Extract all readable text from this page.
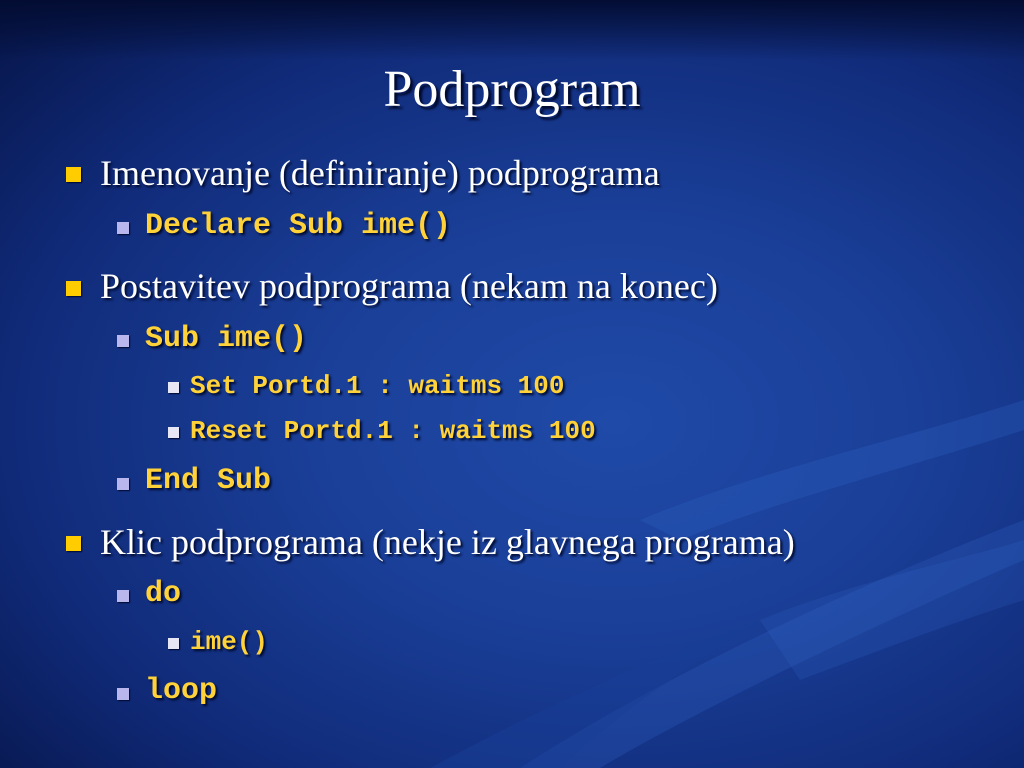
Podprogram
Imenovanje (definiranje) podprograma
Declare Sub ime()
Postavitev podprograma (nekam na konec)
Sub ime()
Set Portd.1 : waitms 100
Reset Portd.1 : waitms 100
End Sub
Klic podprograma (nekje iz glavnega programa)
do
ime()
loop
